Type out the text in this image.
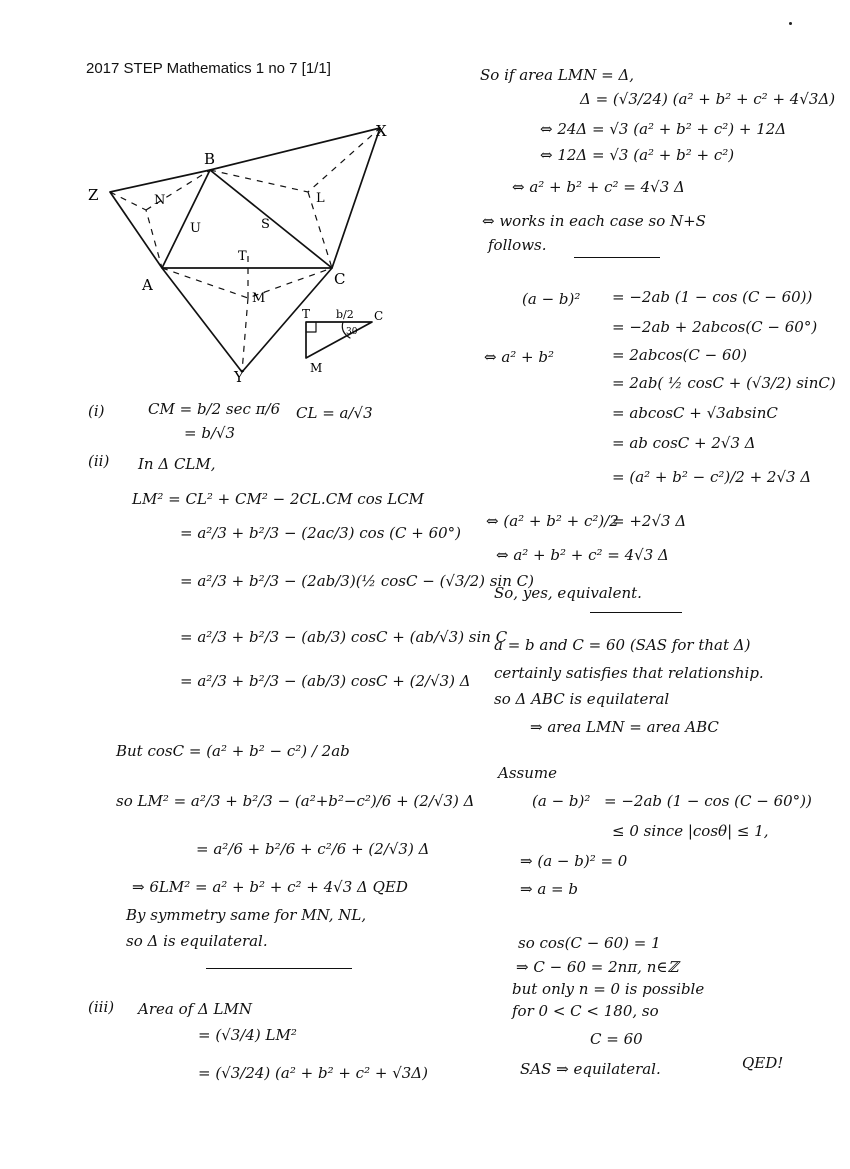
2017 STEP Mathematics 1 no 7 [1/1]
X
B
Z	N	L
U	S
T
A	C
M
Y
T	C
M
b/2
30
(i)	CM = b/2 sec π/6
= b/√3
CL = a/√3
(ii) In Δ CLM,
LM² = CL² + CM² − 2CL.CM cos LCM
= a²/3 + b²/3 − (2ac/3) cos (C + 60°)
= a²/3 + b²/3 − (2ab/3)(½ cosC − (√3/2) sin C)
= a²/3 + b²/3 − (ab/3) cosC + (ab/√3) sin C
= a²/3 + b²/3 − (ab/3) cosC + (2/√3) Δ
But cosC = (a² + b² − c²) / 2ab
so LM² = a²/3 + b²/3 − (a²+b²−c²)/6 + (2/√3) Δ
= a²/6 + b²/6 + c²/6 + (2/√3) Δ
⇒ 6LM² = a² + b² + c² + 4√3 Δ QED
By symmetry same for MN, NL,
so Δ is equilateral.
(iii) Area of Δ LMN
= (√3/4) LM²
= (√3/24) (a² + b² + c² + √3Δ)
So if area LMN = Δ,
Δ = (√3/24) (a² + b² + c² + 4√3Δ)
⇔ 24Δ = √3 (a² + b² + c²) + 12Δ
⇔ 12Δ = √3 (a² + b² + c²)
⇔ a² + b² + c² = 4√3 Δ
⇔ works in each case so N+S
follows.
(a − b)² = −2ab (1 − cos (C − 60))
= −2ab + 2abcos(C − 60°)
⇔ a² + b²	= 2abcos(C − 60)
= 2ab( ½ cosC + (√3/2) sinC)
= abcosC + √3absinC
= ab cosC + 2√3 Δ
= (a² + b² − c²)/2 + 2√3 Δ
⇔ (a² + b² + c²)/2
= +2√3 Δ
⇔ a² + b² + c² = 4√3 Δ
So, yes, equivalent.
a = b and C = 60 (SAS for that Δ)
certainly satisfies that relationship.
so Δ ABC is equilateral
⇒ area LMN = area ABC
Assume
(a − b)² = −2ab (1 − cos (C − 60°))
≤ 0 since |cosθ| ≤ 1,
⇒ (a − b)² = 0
⇒ a = b
so cos(C − 60) = 1
⇒ C − 60 = 2nπ, n∈ℤ
but only n = 0 is possible
for 0 < C < 180, so
C = 60
SAS ⇒ equilateral.	QED!
